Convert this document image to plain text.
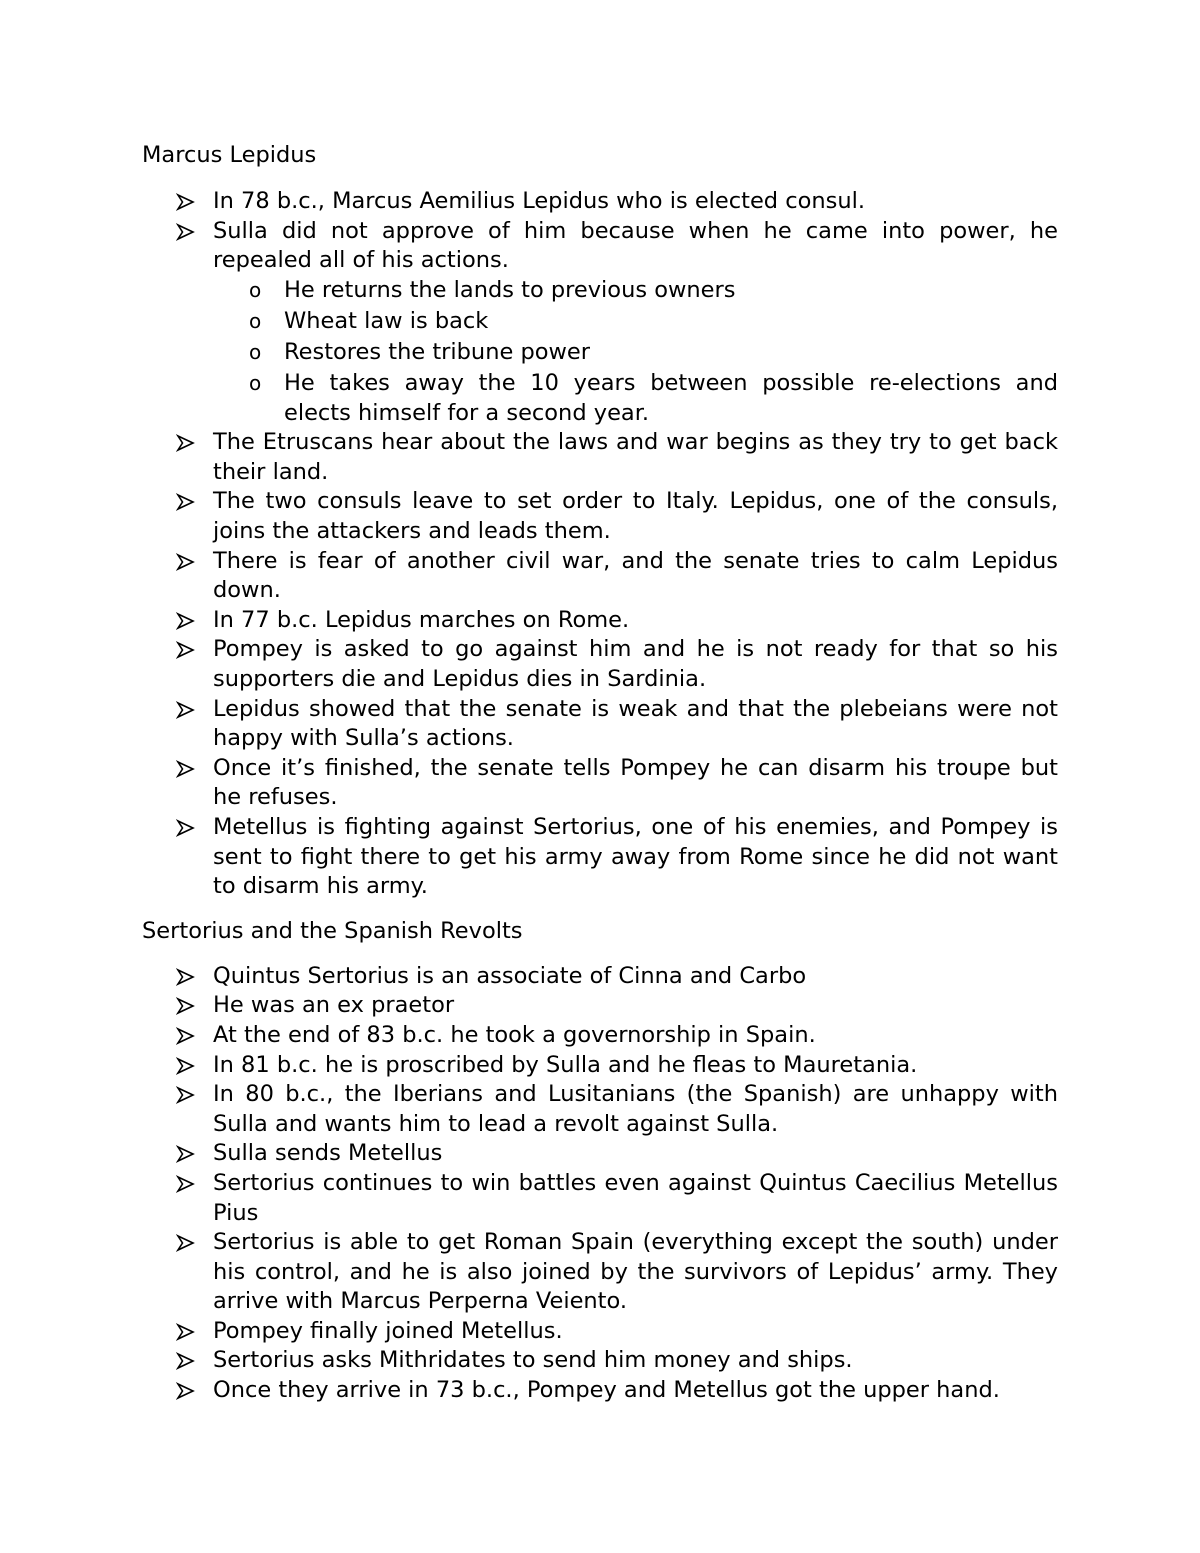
Marcus Lepidus
In 78 b.c., Marcus Aemilius Lepidus who is elected consul.
Sulla did not approve of him because when he came into power, he repealed all of his actions.
o He returns the lands to previous owners
o Wheat law is back
o Restores the tribune power
o He takes away the 10 years between possible re-elections and elects himself for a second year.
The Etruscans hear about the laws and war begins as they try to get back their land.
The two consuls leave to set order to Italy. Lepidus, one of the consuls, joins the attackers and leads them.
There is fear of another civil war, and the senate tries to calm Lepidus down.
In 77 b.c. Lepidus marches on Rome.
Pompey is asked to go against him and he is not ready for that so his supporters die and Lepidus dies in Sardinia.
Lepidus showed that the senate is weak and that the plebeians were not happy with Sulla’s actions.
Once it’s finished, the senate tells Pompey he can disarm his troupe but he refuses.
Metellus is fighting against Sertorius, one of his enemies, and Pompey is sent to fight there to get his army away from Rome since he did not want to disarm his army.
Sertorius and the Spanish Revolts
Quintus Sertorius is an associate of Cinna and Carbo
He was an ex praetor
At the end of 83 b.c. he took a governorship in Spain.
In 81 b.c. he is proscribed by Sulla and he fleas to Mauretania.
In 80 b.c., the Iberians and Lusitanians (the Spanish) are unhappy with Sulla and wants him to lead a revolt against Sulla.
Sulla sends Metellus
Sertorius continues to win battles even against Quintus Caecilius Metellus Pius
Sertorius is able to get Roman Spain (everything except the south) under his control, and he is also joined by the survivors of Lepidus’ army. They arrive with Marcus Perperna Veiento.
Pompey finally joined Metellus.
Sertorius asks Mithridates to send him money and ships.
Once they arrive in 73 b.c., Pompey and Metellus got the upper hand.
